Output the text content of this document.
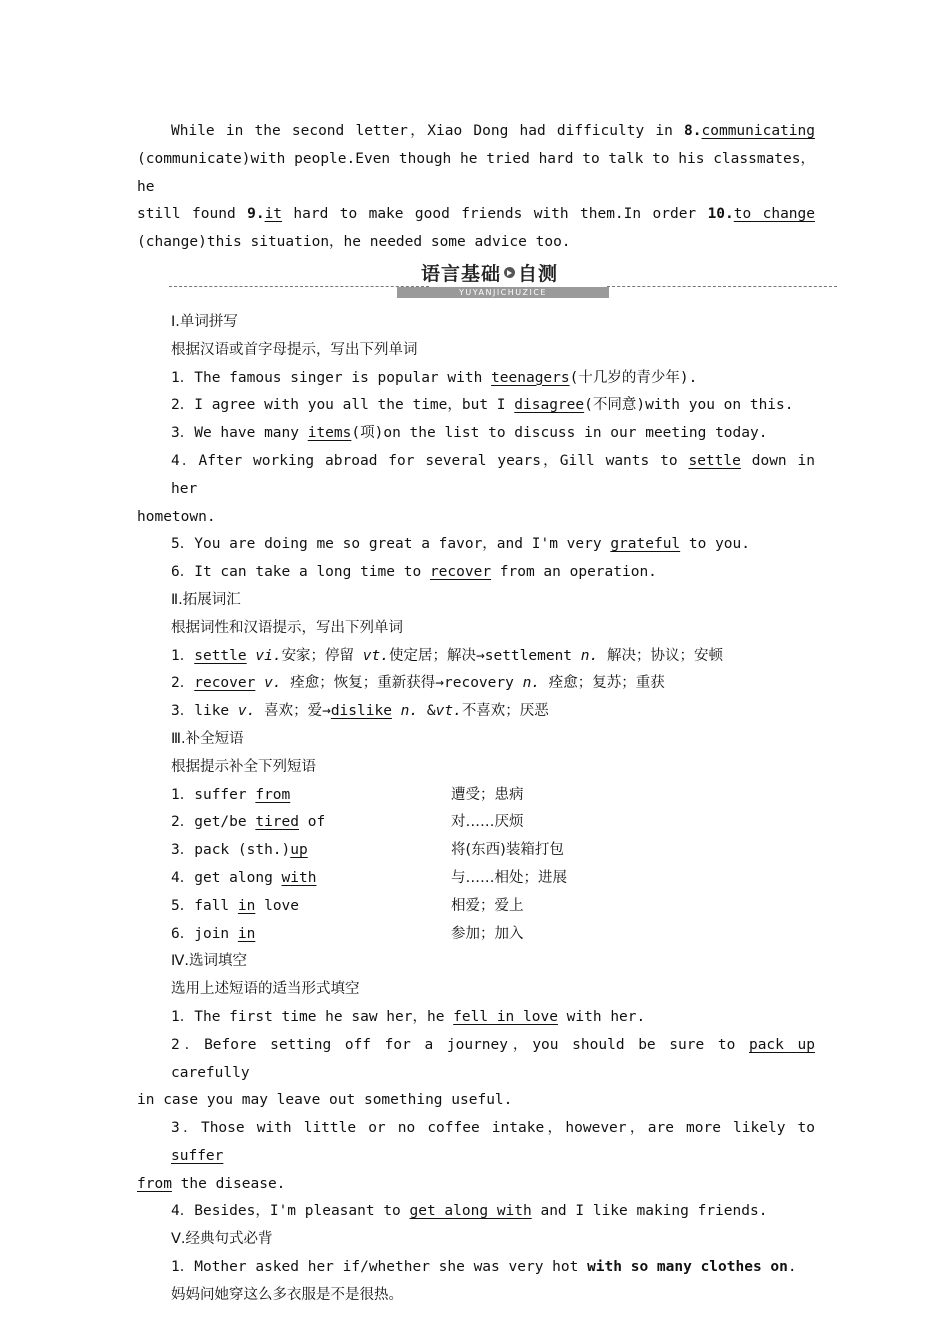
While in the second letter，Xiao Dong had difficulty in 8.communicating
(communicate)with people.Even though he tried hard to talk to his classmates，he
still found 9.it hard to make good friends with them.In order 10.to change
(change)this situation，he needed some advice too.
语言基础 自测
YUYANJICHUZICE
Ⅰ.单词拼写
根据汉语或首字母提示，写出下列单词
1．The famous singer is popular with teenagers(十几岁的青少年).
2．I agree with you all the time，but I disagree(不同意)with you on this.
3．We have many items(项)on the list to discuss in our meeting today.
4．After working abroad for several years，Gill wants to settle down in her
hometown.
5．You are doing me so great a favor，and I'm very grateful to you.
6．It can take a long time to recover from an operation.
Ⅱ.拓展词汇
根据词性和汉语提示，写出下列单词
1．settle vi.安家；停留 vt.使定居；解决→settlement n. 解决；协议；安顿
2．recover v. 痊愈；恢复；重新获得→recovery n. 痊愈；复苏；重获
3．like v. 喜欢；爱→dislike n. &vt.不喜欢；厌恶
Ⅲ.补全短语
根据提示补全下列短语
1．suffer from	遭受；患病
2．get/be tired of	对……厌烦
3．pack (sth.)up	将(东西)装箱打包
4．get along with	与……相处；进展
5．fall in love	相爱；爱上
6．join in	参加；加入
Ⅳ.选词填空
选用上述短语的适当形式填空
1．The first time he saw her，he fell in love with her.
2．Before setting off for a journey，you should be sure to pack up carefully
in case you may leave out something useful.
3．Those with little or no coffee intake，however，are more likely to suffer
from the disease.
4．Besides，I'm pleasant to get along with and I like making friends.
Ⅴ.经典句式必背
1．Mother asked her if/whether she was very hot with so many clothes on.
妈妈问她穿这么多衣服是不是很热。
